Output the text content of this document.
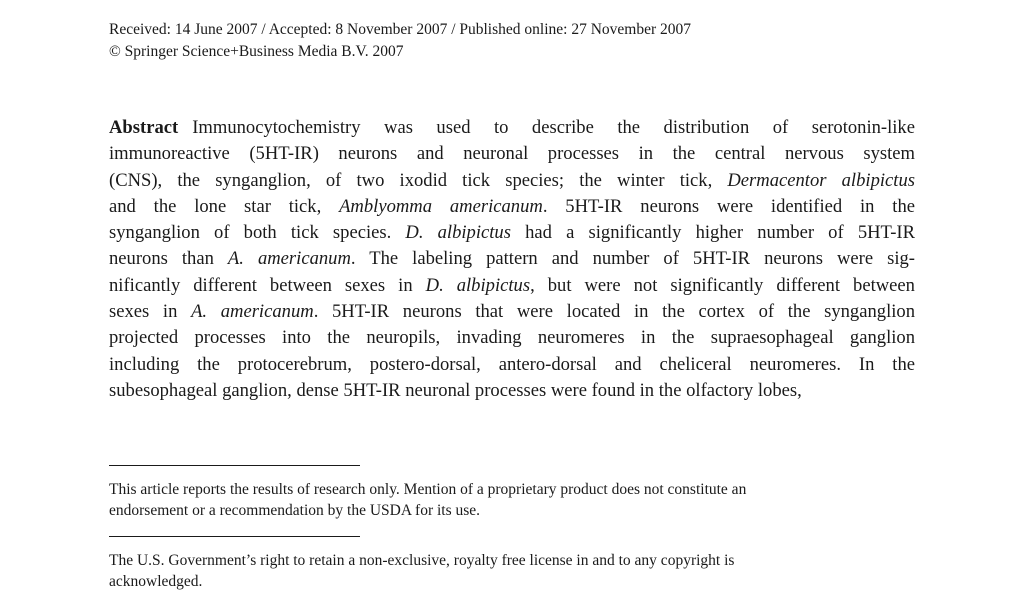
Received: 14 June 2007 / Accepted: 8 November 2007 / Published online: 27 November 2007
© Springer Science+Business Media B.V. 2007
Abstract Immunocytochemistry was used to describe the distribution of serotonin-like
immunoreactive (5HT-IR) neurons and neuronal processes in the central nervous system
(CNS), the synganglion, of two ixodid tick species; the winter tick, Dermacentor albipictus
and the lone star tick, Amblyomma americanum. 5HT-IR neurons were identified in the
synganglion of both tick species. D. albipictus had a significantly higher number of 5HT-IR
neurons than A. americanum. The labeling pattern and number of 5HT-IR neurons were sig-
nificantly different between sexes in D. albipictus, but were not significantly different between
sexes in A. americanum. 5HT-IR neurons that were located in the cortex of the synganglion
projected processes into the neuropils, invading neuromeres in the supraesophageal ganglion
including the protocerebrum, postero-dorsal, antero-dorsal and cheliceral neuromeres. In the
subesophageal ganglion, dense 5HT-IR neuronal processes were found in the olfactory lobes,
This article reports the results of research only. Mention of a proprietary product does not constitute an
endorsement or a recommendation by the USDA for its use.
The U.S. Government’s right to retain a non-exclusive, royalty free license in and to any copyright is
acknowledged.
